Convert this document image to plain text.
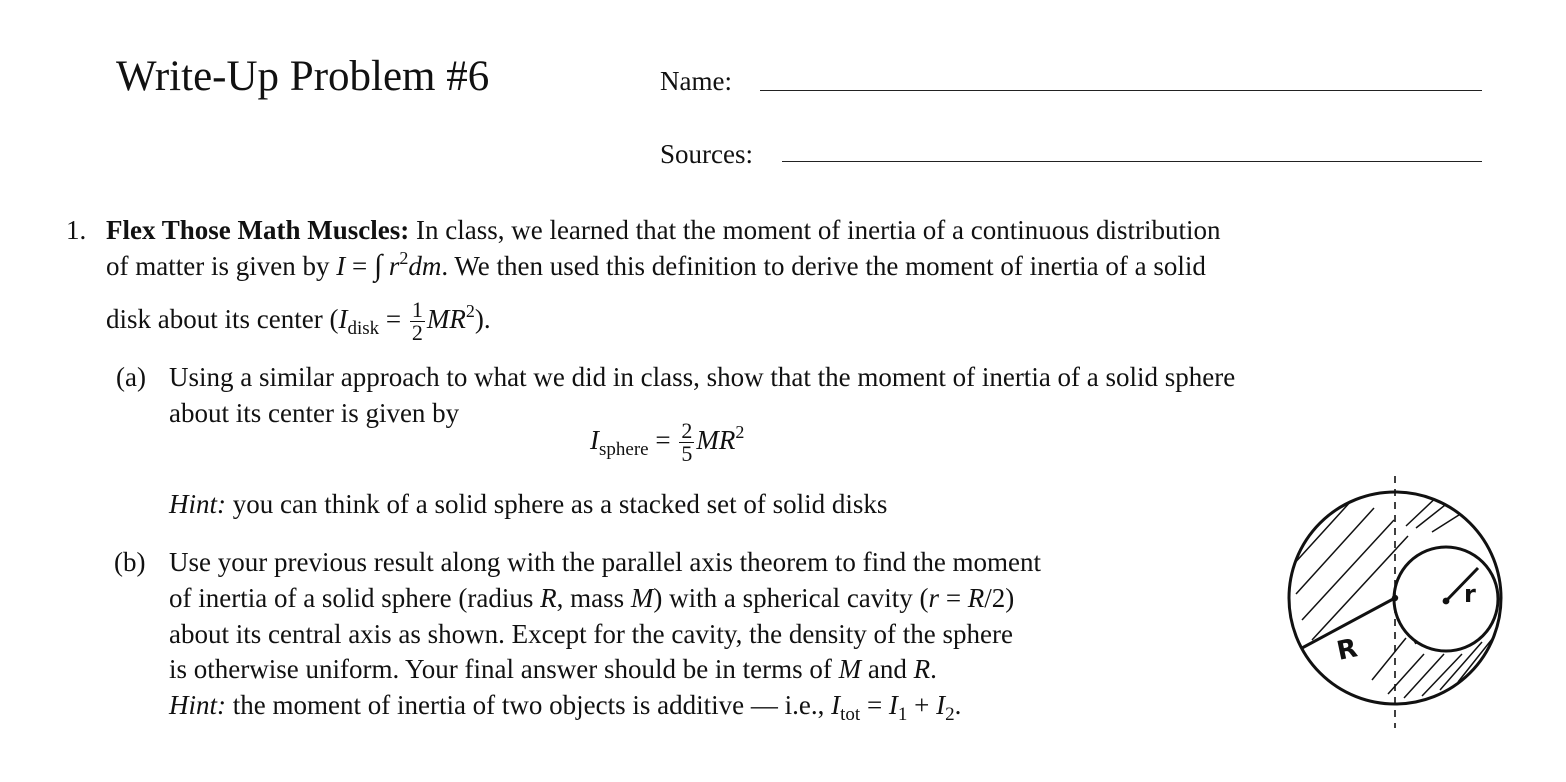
Write-Up Problem #6	Name:
Sources:
1. Flex Those Math Muscles: In class, we learned that the moment of inertia of a continuous distribution
of matter is given by I = ∫ $r^2dm$. We then used this definition to derive the moment of inertia of a solid
disk about its center $(I_{disk} = \frac{1}{2} MR^2)$.
(a) Using a similar approach to what we did in class, show that the moment of inertia of a solid sphere
about its center is given by
$I_{sphere} = \frac{2}{5} MR^2$
Hint: you can think of a solid sphere as a stacked set of solid disks
(b) Use your previous result along with the parallel axis theorem to find the moment
of inertia of a solid sphere (radius R, mass M) with a spherical cavity (r = R/2)
about its central axis as shown. Except for the cavity, the density of the sphere
is otherwise uniform. Your final answer should be in terms of M and R.
Hint: the moment of inertia of two objects is additive — i.e., $I_{tot} = I_1 + I_2$.
R
r
